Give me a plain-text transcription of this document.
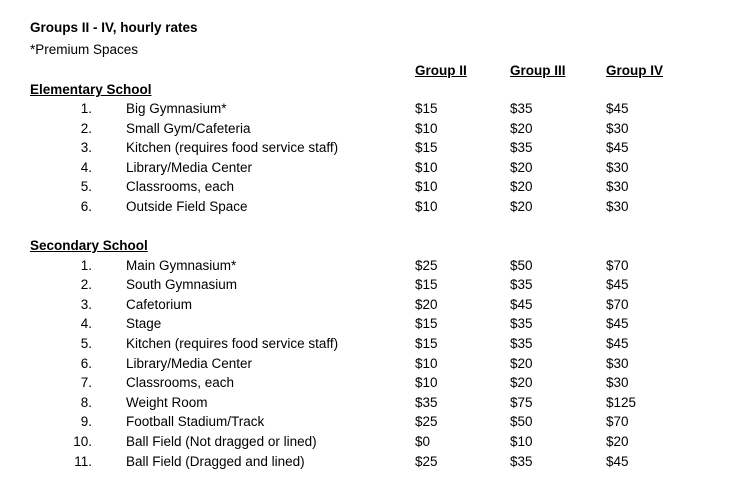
Groups II - IV, hourly rates
*Premium Spaces
Group II	Group III	Group IV
Elementary School
1.	Big Gymnasium*	$15	$35	$45
2.	Small Gym/Cafeteria	$10	$20	$30
3.	Kitchen (requires food service staff)	$15	$35	$45
4.	Library/Media Center	$10	$20	$30
5.	Classrooms, each	$10	$20	$30
6.	Outside Field Space	$10	$20	$30
Secondary School
1.	Main Gymnasium*	$25	$50	$70
2.	South Gymnasium	$15	$35	$45
3.	Cafetorium	$20	$45	$70
4.	Stage	$15	$35	$45
5.	Kitchen (requires food service staff)	$15	$35	$45
6.	Library/Media Center	$10	$20	$30
7.	Classrooms, each	$10	$20	$30
8.	Weight Room	$35	$75	$125
9.	Football Stadium/Track	$25	$50	$70
10.	Ball Field (Not dragged or lined)	$0	$10	$20
11.	Ball Field (Dragged and lined)	$25	$35	$45
